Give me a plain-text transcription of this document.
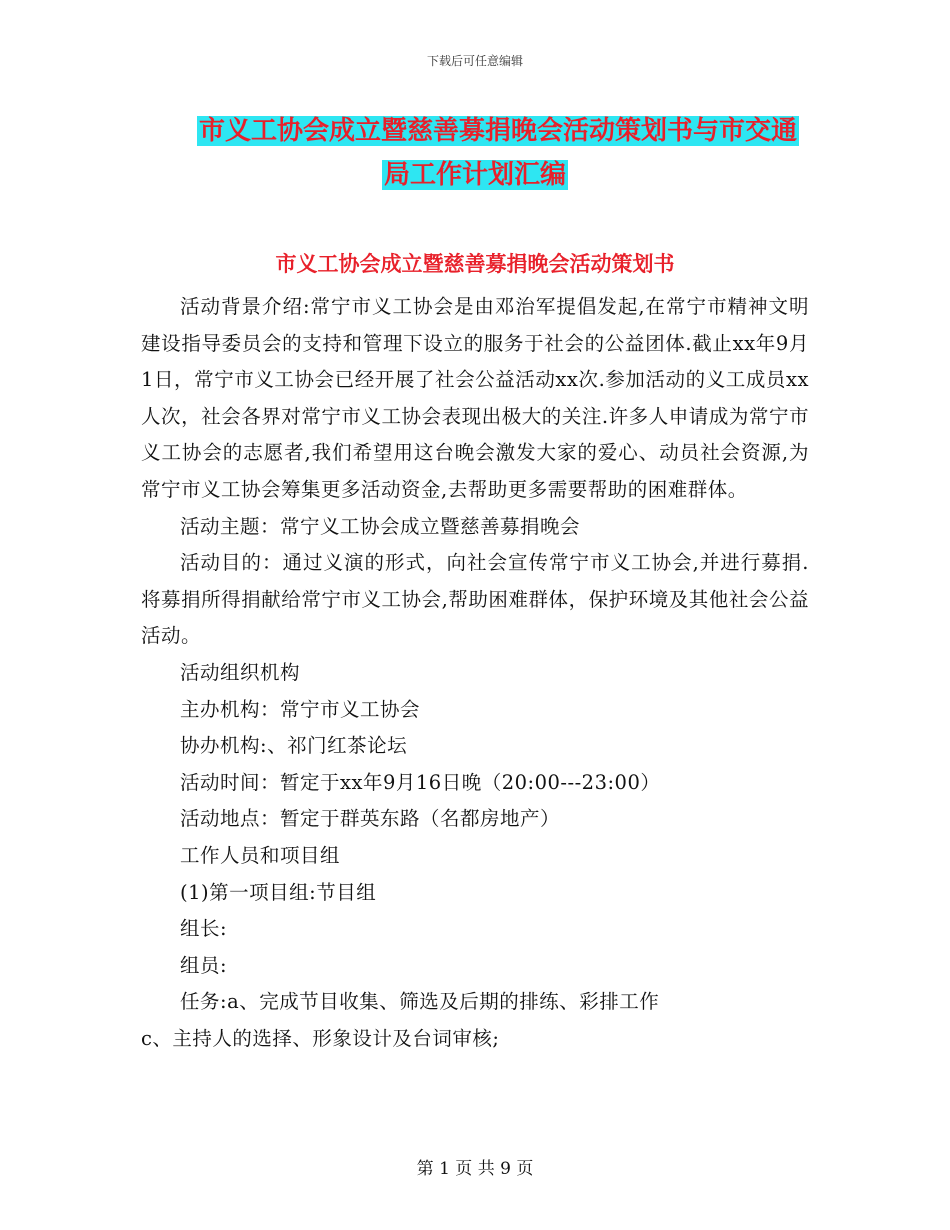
下载后可任意编辑
市义工协会成立暨慈善募捐晚会活动策划书与市交通
局工作计划汇编
市义工协会成立暨慈善募捐晚会活动策划书

活动背景介绍:常宁市义工协会是由邓治军提倡发起,在常宁市精神文明建设指导委员会的支持和管理下设立的服务于社会的公益团体.截止xx年9月1日，常宁市义工协会已经开展了社会公益活动xx次.参加活动的义工成员xx人次，社会各界对常宁市义工协会表现出极大的关注.许多人申请成为常宁市义工协会的志愿者,我们希望用这台晚会激发大家的爱心、动员社会资源,为常宁市义工协会筹集更多活动资金,去帮助更多需要帮助的困难群体。

活动主题：常宁义工协会成立暨慈善募捐晚会

活动目的：通过义演的形式，向社会宣传常宁市义工协会,并进行募捐.将募捐所得捐献给常宁市义工协会,帮助困难群体，保护环境及其他社会公益活动。

活动组织机构

主办机构：常宁市义工协会

协办机构:、祁门红茶论坛

活动时间：暂定于xx年9月16日晚（20:00---23:00）

活动地点：暂定于群英东路（名都房地产）

工作人员和项目组

(1)第一项目组:节目组

组长:

组员:

任务:a、完成节目收集、筛选及后期的排练、彩排工作

c、主持人的选择、形象设计及台词审核;

第 1 页 共 9 页
